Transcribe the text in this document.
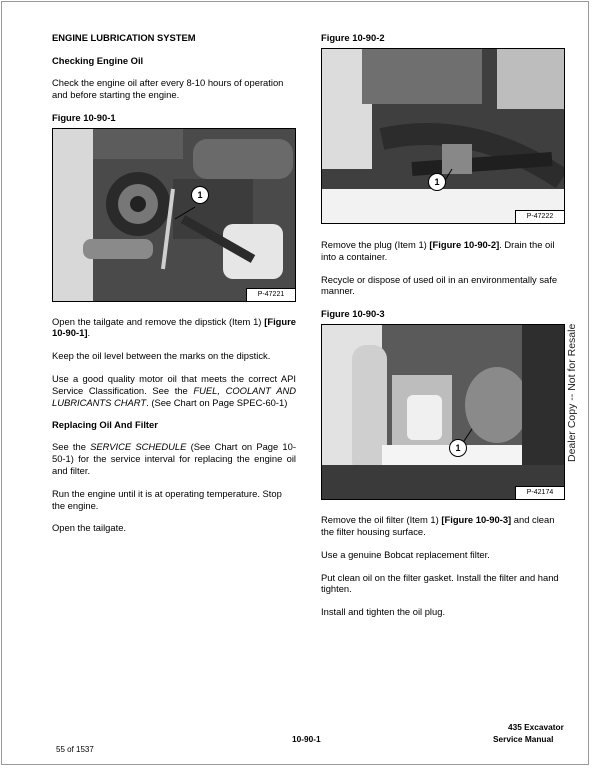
ENGINE LUBRICATION SYSTEM
Checking Engine Oil

Check the engine oil after every 8-10 hours of operation and before starting the engine.

Figure 10-90-1
1
P-47221

Open the tailgate and remove the dipstick (Item 1) [Figure 10-90-1].

Keep the oil level between the marks on the dipstick.

Use a good quality motor oil that meets the correct API Service Classification. See the FUEL, COOLANT AND LUBRICANTS CHART. (See Chart on Page SPEC-60-1)

Replacing Oil And Filter

See the SERVICE SCHEDULE (See Chart on Page 10-50-1) for the service interval for replacing the engine oil and filter.

Run the engine until it is at operating temperature. Stop the engine.

Open the tailgate.

Figure 10-90-2
1
P-47222

Remove the plug (Item 1) [Figure 10-90-2]. Drain the oil into a container.

Recycle or dispose of used oil in an environmentally safe manner.

Figure 10-90-3
1
P-42174

Remove the oil filter (Item 1) [Figure 10-90-3] and clean the filter housing surface.

Use a genuine Bobcat replacement filter.

Put clean oil on the filter gasket. Install the filter and hand tighten.

Install and tighten the oil plug.

Dealer Copy -- Not for Resale
435 Excavator
Service Manual
10-90-1
55 of 1537
